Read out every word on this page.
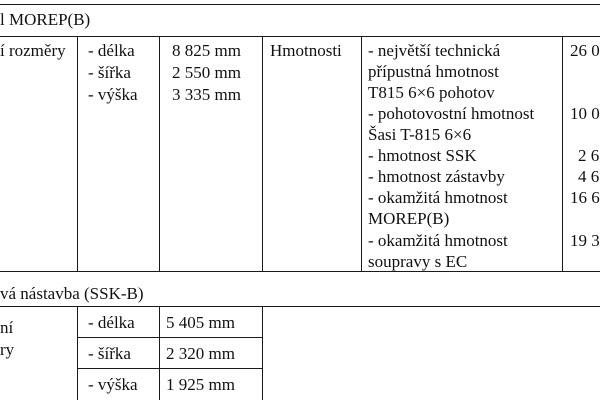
l MOREP(B)
í rozměry - délka
- šířka
- výška
8 825 mm
2 550 mm
3 335 mm
Hmotnosti - největší technická
přípustná hmotnost
T815 6×6 pohotov
26 0
- pohotovostní hmotnost
Šasi T-815 6×6
10 0
- hmotnost SSK	2 6
- hmotnost zástavby	4 6
- okamžitá hmotnost
MOREP(B)
16 6
- okamžitá hmotnost
soupravy s EC
19 3
vá nástavba (SSK-B)
ní
ry
- délka
- šířka
- výška
5 405 mm
2 320 mm
1 925 mm
